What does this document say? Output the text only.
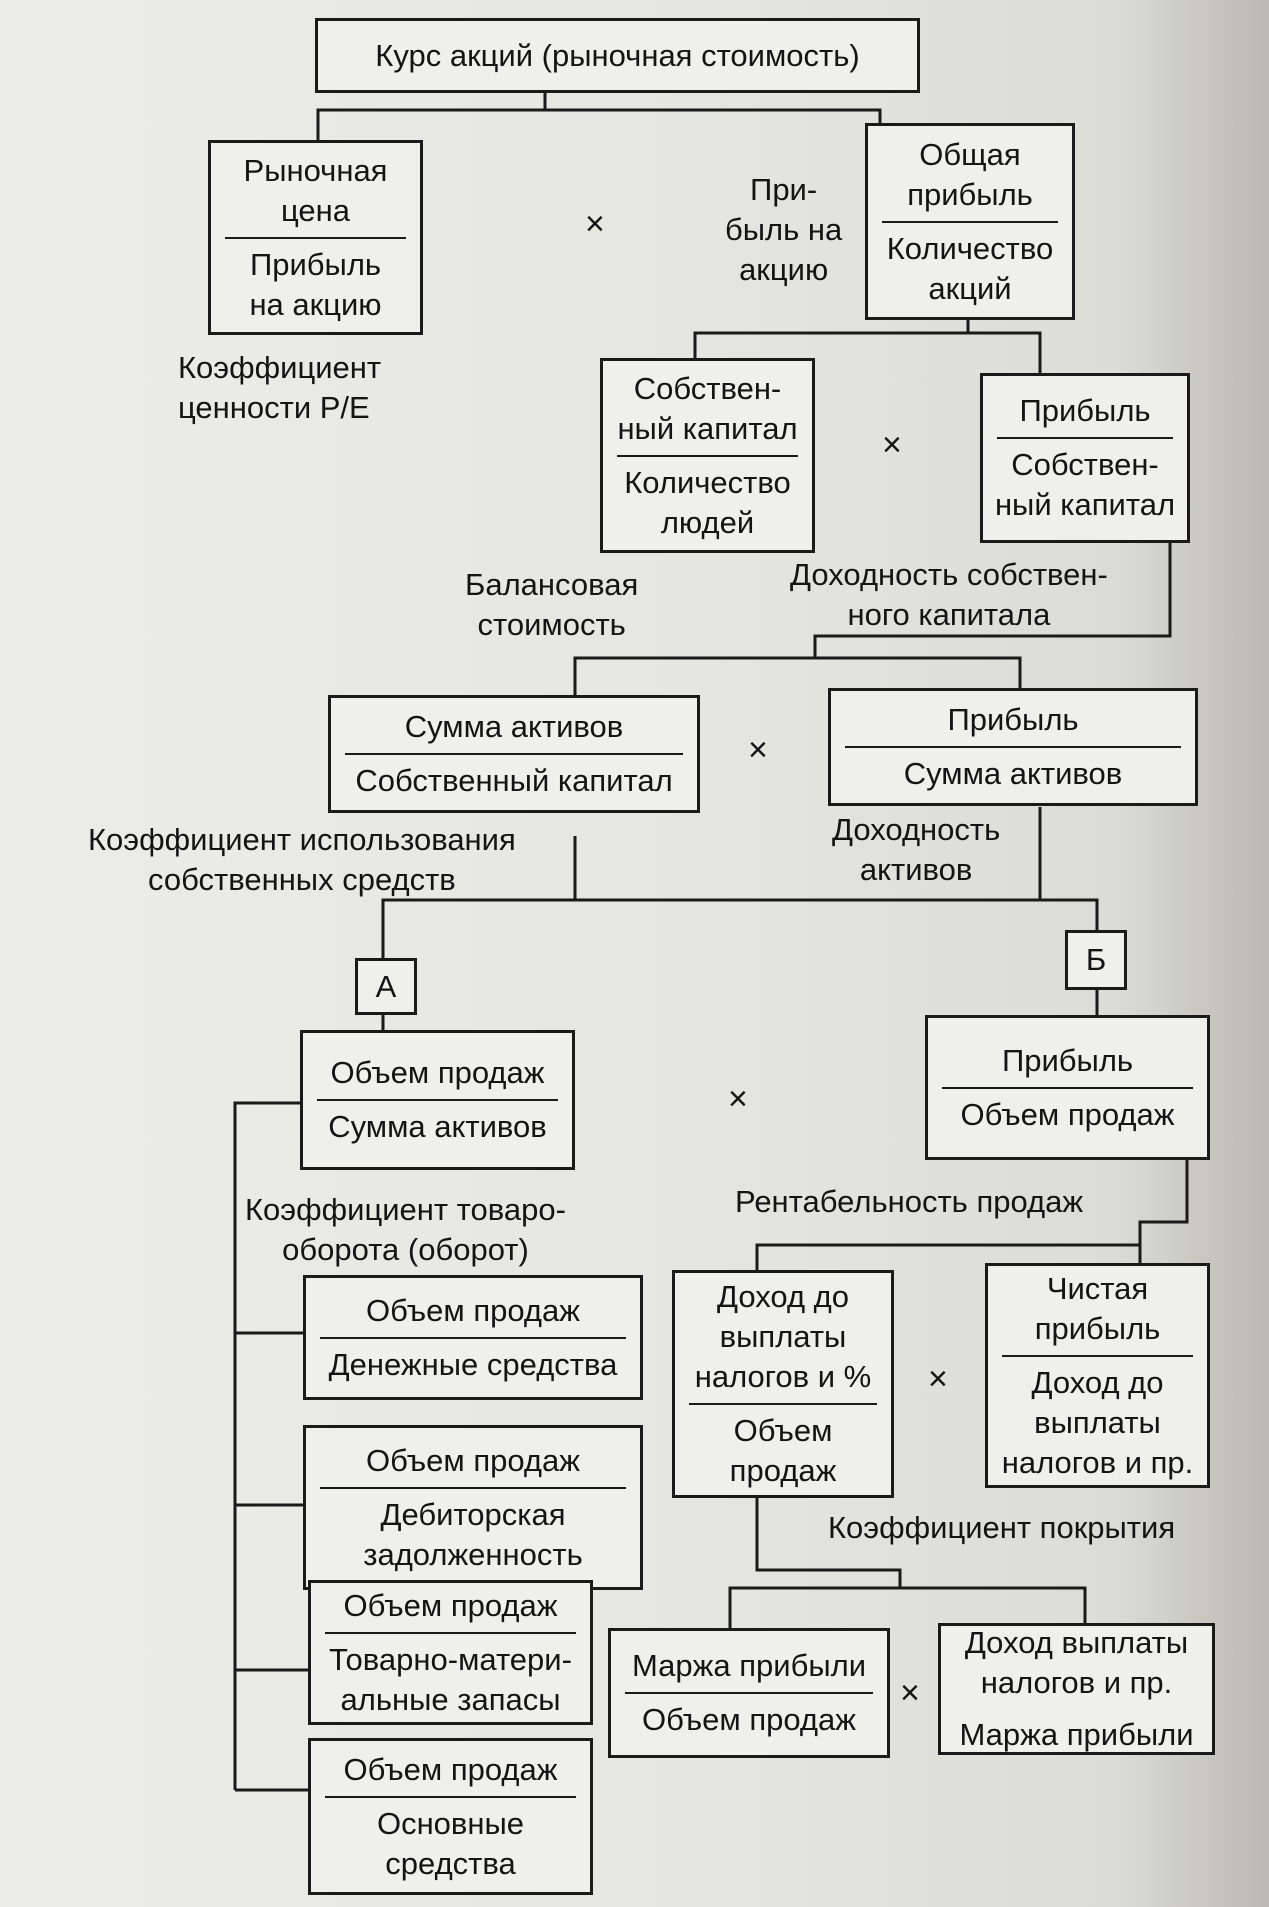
Курс акций (рыночная стоимость)
Рыночная
цена
Прибыль
на акцию
Коэффициент
ценности P/E
×
При-
быль на
акцию
Общая
прибыль
Количество
акций
Собствен-
ный капитал
Количество
людей
×
Прибыль
Собствен-
ный капитал
Балансовая
стоимость
Доходность собствен-
ного капитала
Сумма активов
Собственный капитал
×
Прибыль
Сумма активов
Коэффициент использования
собственных средств
Доходность
активов
А
Б
Объем продаж
Сумма активов
×
Прибыль
Объем продаж
Коэффициент товаро-
оборота (оборот)
Рентабельность продаж
Объем продаж
Денежные средства
Доход до
выплаты
налогов и %
Объем
продаж
×
Чистая
прибыль
Доход до
выплаты
налогов и пр.
Коэффициент покрытия
Объем продаж
Дебиторская
задолженность
Объем продаж
Товарно-матери-
альные запасы
Объем продаж
Основные
средства
Маржа прибыли
Объем продаж
×
Доход выплаты
налогов и пр.
Маржа прибыли
